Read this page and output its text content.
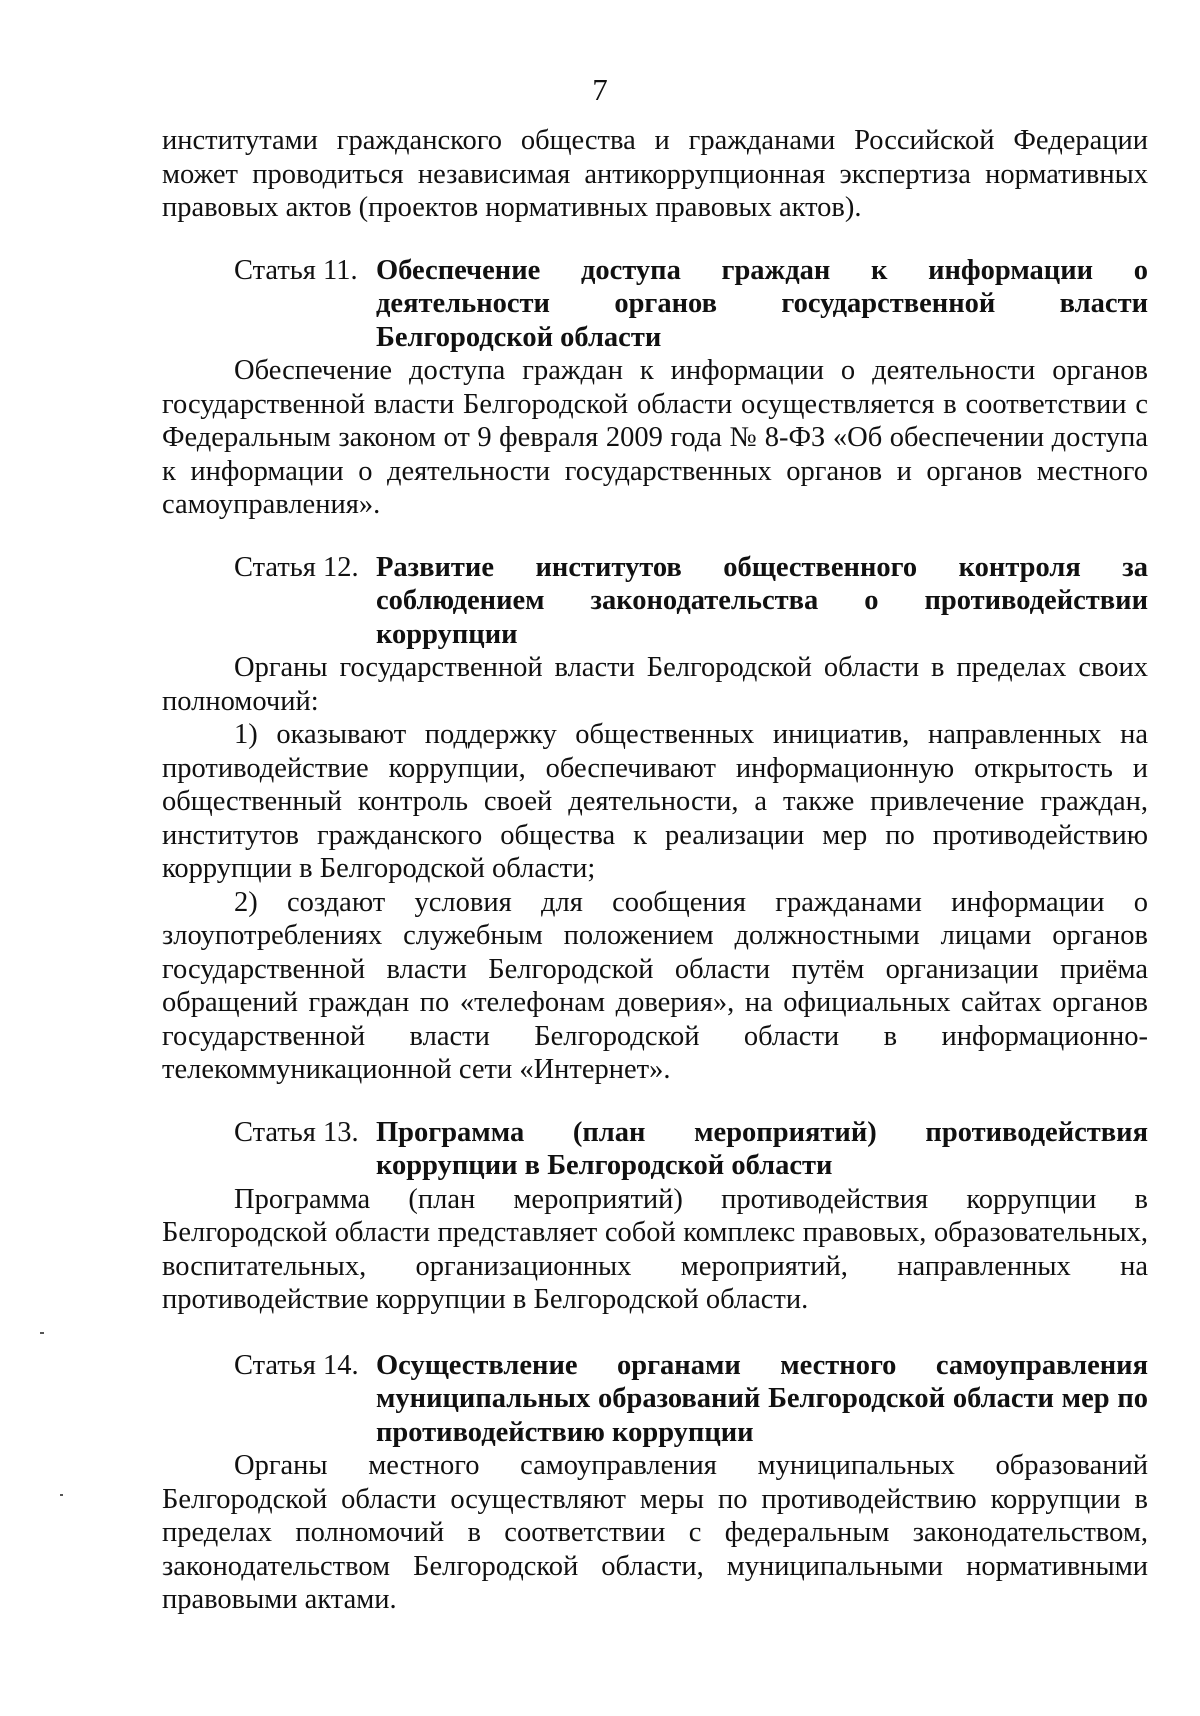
7

институтами гражданского общества и гражданами Российской Федерации может проводиться независимая антикоррупционная экспертиза нормативных правовых актов (проектов нормативных правовых актов).

Статья 11. Обеспечение доступа граждан к информации о деятельности органов государственной власти Белгородской области

Обеспечение доступа граждан к информации о деятельности органов государственной власти Белгородской области осуществляется в соответствии с Федеральным законом от 9 февраля 2009 года № 8-ФЗ «Об обеспечении доступа к информации о деятельности государственных органов и органов местного самоуправления».

Статья 12. Развитие институтов общественного контроля за соблюдением законодательства о противодействии коррупции

Органы государственной власти Белгородской области в пределах своих полномочий:

1) оказывают поддержку общественных инициатив, направленных на противодействие коррупции, обеспечивают информационную открытость и общественный контроль своей деятельности, а также привлечение граждан, институтов гражданского общества к реализации мер по противодействию коррупции в Белгородской области;

2) создают условия для сообщения гражданами информации о злоупотреблениях служебным положением должностными лицами органов государственной власти Белгородской области путём организации приёма обращений граждан по «телефонам доверия», на официальных сайтах органов государственной власти Белгородской области в информационно-телекоммуникационной сети «Интернет».

Статья 13. Программа (план мероприятий) противодействия коррупции в Белгородской области

Программа (план мероприятий) противодействия коррупции в Белгородской области представляет собой комплекс правовых, образовательных, воспитательных, организационных мероприятий, направленных на противодействие коррупции в Белгородской области.

Статья 14. Осуществление органами местного самоуправления муниципальных образований Белгородской области мер по противодействию коррупции

Органы местного самоуправления муниципальных образований Белгородской области осуществляют меры по противодействию коррупции в пределах полномочий в соответствии с федеральным законодательством, законодательством Белгородской области, муниципальными нормативными правовыми актами.
